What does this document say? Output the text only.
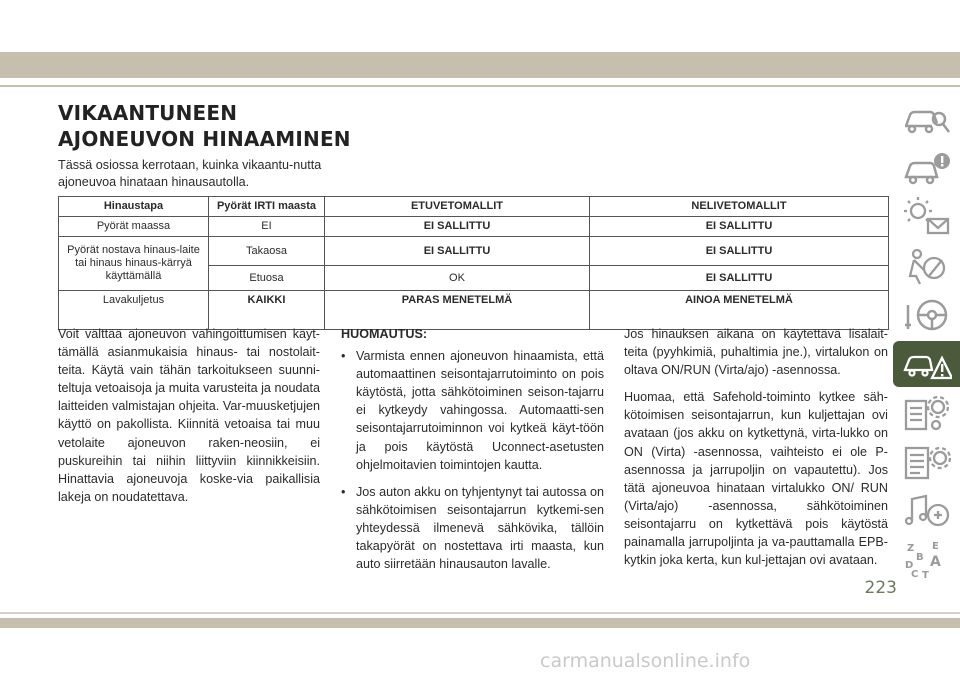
VIKAANTUNEEN
AJONEUVON HINAAMINEN

Tässä osiossa kerrotaan, kuinka vikaantu-nutta ajoneuvoa hinataan hinausautolla.

Hinaustapa	Pyörät IRTI maasta	ETUVETOMALLIT	NELIVETOMALLIT
Pyörät maassa	EI	EI SALLITTU	EI SALLITTU
Pyörät nostava hinaus-laite tai hinaus hinaus-kärryä käyttämällä	Takaosa	EI SALLITTU	EI SALLITTU
	Etuosa	OK	EI SALLITTU
Lavakuljetus	KAIKKI	PARAS MENETELMÄ	AINOA MENETELMÄ

Voit välttää ajoneuvon vahingoittumisen käyt-tämällä asianmukaisia hinaus- tai nostolait-teita. Käytä vain tähän tarkoitukseen suunni-teltuja vetoaisoja ja muita varusteita ja noudata laitteiden valmistajan ohjeita. Var-muusketjujen käyttö on pakollista. Kiinnitä vetoaisa tai muu vetolaite ajoneuvon raken-neosiin, ei puskureihin tai niihin liittyviin kiinnikkeisiin. Hinattavia ajoneuvoja koske-via paikallisia lakeja on noudatettava.

HUOMAUTUS:
• Varmista ennen ajoneuvon hinaamista, että automaattinen seisontajarrutoiminto on pois käytöstä, jotta sähkötoiminen seison-tajarru ei kytkeydy vahingossa. Automaatti-sen seisontajarrutoiminnon voi kytkeä käyt-töön ja pois käytöstä Uconnect-asetusten ohjelmoitavien toimintojen kautta.
• Jos auton akku on tyhjentynyt tai autossa on sähkötoimisen seisontajarrun kytkemi-sen yhteydessä ilmenevä sähkövika, tällöin takapyörät on nostettava irti maasta, kun auto siirretään hinausauton lavalle.

Jos hinauksen aikana on käytettävä lisälait-teita (pyyhkimiä, puhaltimia jne.), virtalukon on oltava ON/RUN (Virta/ajo) -asennossa.

Huomaa, että Safehold-toiminto kytkee säh-kötoimisen seisontajarrun, kun kuljettajan ovi avataan (jos akku on kytkettynä, virta-lukko on ON (Virta) -asennossa, vaihteisto ei ole P-asennossa ja jarrupoljin on vapautettu). Jos tätä ajoneuvoa hinataan virtalukko ON/ RUN (Virta/ajo) -asennossa, sähkötoiminen seisontajarru on kytkettävä pois käytöstä painamalla jarrupoljinta ja va-pauttamalla EPB-kytkin joka kerta, kun kul-jettajan ovi avataan.

Z E
B
D A
C T
223
carmanualsonline.info
